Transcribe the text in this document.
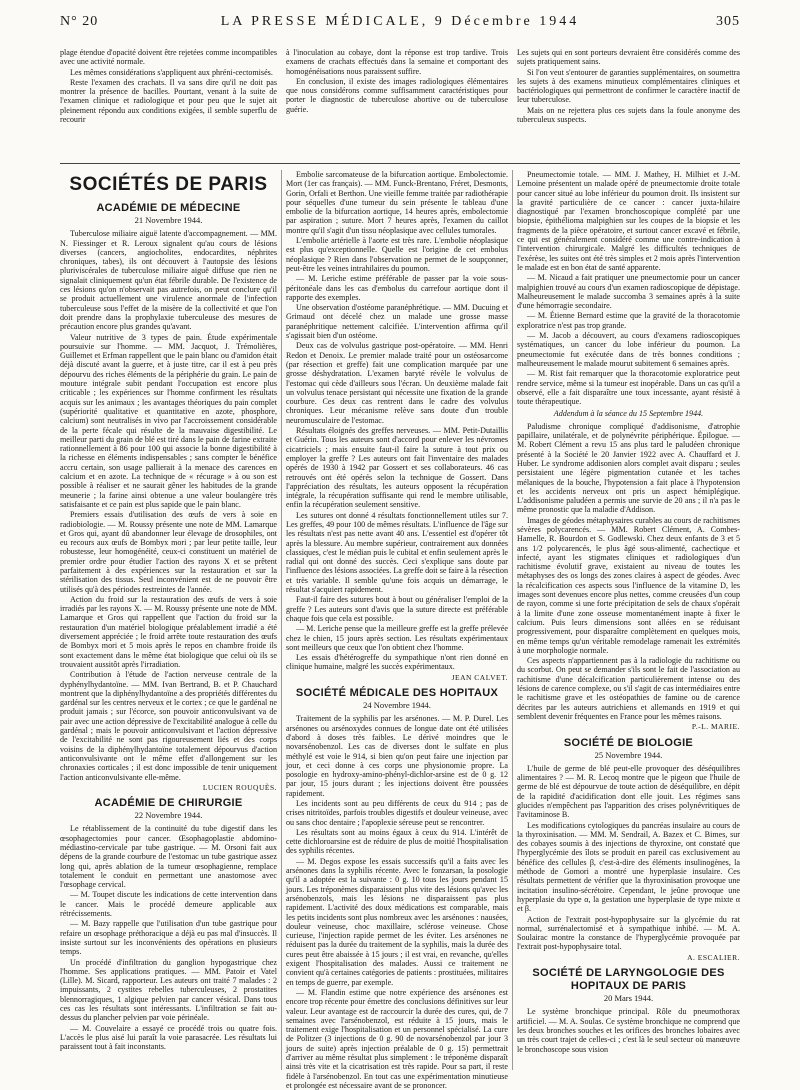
N° 20	LA PRESSE MÉDICALE, 9 Décembre 1944	305

plage étendue d'opacité doivent être rejetées comme incompatibles avec une activité normale.

Les mêmes considérations s'appliquent aux phréni-cectomisés.

Reste l'examen des crachats. Il va sans dire qu'il ne doit pas montrer la présence de bacilles. Pourtant, venant à la suite de l'examen clinique et radiologique et pour peu que le sujet ait pleinement répondu aux conditions exigées, il semble superflu de recourir

à l'inoculation au cobaye, dont la réponse est trop tardive. Trois examens de crachats effectués dans la semaine et comportant des homogénéisations nous paraissent suffire.

En conclusion, il existe des images radiologiques élémentaires que nous considérons comme suffisamment caractéristiques pour porter le diagnostic de tuberculose abortive ou de tuberculose guérie.

Les sujets qui en sont porteurs devraient être considérés comme des sujets pratiquement sains.

Si l'on veut s'entourer de garanties supplémentaires, on soumettra les sujets à des examens minutieux complémentaires cliniques et bactériologiques qui permettront de confirmer le caractère inactif de leur tuberculose.

Mais on ne rejettera plus ces sujets dans la foule anonyme des tuberculeux suspects.

SOCIÉTÉS DE PARIS
ACADÉMIE DE MÉDECINE
21 Novembre 1944.

Tuberculose miliaire aiguë latente d'accompagnement. — MM. N. Fiessinger et R. Leroux signalent qu'au cours de lésions diverses (cancers, angiocholites, endocardites, néphrites chroniques, tabes), ils ont découvert à l'autopsie des lésions pluriviscérales de tuberculose miliaire aiguë diffuse que rien ne signalait cliniquement qu'un état fébrile durable. De l'existence de ces lésions qu'on n'observait pas autrefois, on peut conclure qu'il se produit actuellement une virulence anormale de l'infection tuberculeuse sous l'effet de la misère de la collectivité et que l'on doit prendre dans la prophylaxie tuberculeuse des mesures de précaution encore plus grandes qu'avant.

Valeur nutritive de 3 types de pain. Étude expérimentale poursuivie sur l'homme. — MM. Jacquot, J. Trémolières, Guillemet et Erfman rappellent que le pain blanc ou d'amidon était déjà discuté avant la guerre, et à juste titre, car il est à peu près dépourvu des riches éléments de la périphérie du grain. Le pain de mouture intégrale subit pendant l'occupation est encore plus criticable ; les expériences sur l'homme confirment les résultats acquis sur les animaux ; les avantages théoriques du pain complet (supériorité qualitative et quantitative en azote, phosphore, calcium) sont neutralisés in vivo par l'accroissement considérable de la perte fécale qui résulte de la mauvaise digestibilité. Le meilleur parti du grain de blé est tiré dans le pain de farine extraite rationnellement à 86 pour 100 qui associe la bonne digestibilité à la richesse en éléments indispensables ; sans compter le bénéfice accru certain, son usage pallierait à la menace des carences en calcium et en azote. La technique de « récurage » à ou son est possible à réaliser et ne saurait gêner les habitudes de la grande meunerie ; la farine ainsi obtenue a une valeur boulangère très satisfaisante et ce pain est plus sapide que le pain blanc.

Premiers essais d'utilisation des œufs de vers à soie en radiobiologie. — M. Roussy présente une note de MM. Lamarque et Gros qui, ayant dû abandonner leur élevage de drosophiles, ont eu recours aux œufs de Bombyx mori ; par leur petite taille, leur robustesse, leur homogénéité, ceux-ci constituent un matériel de premier ordre pour étudier l'action des rayons X et se prêtent parfaitement à des expériences sur la restauration et sur la stérilisation des tissus. Seul inconvénient est de ne pouvoir être utilisés qu'à des périodes restreintes de l'année.

Action du froid sur la restauration des œufs de vers à soie irradiés par les rayons X. — M. Roussy présente une note de MM. Lamarque et Gros qui rappellent que l'action du froid sur la restauration d'un matériel biologique préalablement irradié a été diversement appréciée ; le froid arrête toute restauration des œufs de Bombyx mori et 5 mois après le repos en chambre froide ils sont exactement dans le même état biologique que celui où ils se trouvaient aussitôt après l'irradiation.

Contribution à l'étude de l'action nerveuse centrale de la dyphénylhydantoïne. — MM. Ivan Bertrand, B. et P. Chauchard montrent que la diphénylhydantoïne a des propriétés différentes du gardénal sur les centres nerveux et le cortex ; ce que le gardénal ne produit jamais ; sur l'écorce, son pouvoir anticonvulsivant va de pair avec une action dépressive de l'excitabilité analogue à celle du gardénal ; mais le pouvoir anticonvulsivant et l'action dépressive de l'excitabilité ne sont pas rigoureusement liés et des corps voisins de la diphénylhydantoïne totalement dépourvus d'action anticonvulsivante ont le même effet d'allongement sur les chronaxies corticales ; il est donc impossible de tenir uniquement l'action anticonvulsivante elle-même.

LUCIEN ROUQUÈS.
ACADÉMIE DE CHIRURGIE
22 Novembre 1944.

Le rétablissement de la continuité du tube digestif dans les œsophagectomies pour cancer. Œsophagoplastie abdomino-médiastino-cervicale par tube gastrique. — M. Orsoni fait aux dépens de la grande courbure de l'estomac un tube gastrique assez long qui, après ablation de la tumeur œsophagienne, remplace totalement le conduit en permettant une anastomose avec l'œsophage cervical.

— M. Toupet discute les indications de cette intervention dans le cancer. Mais le procédé demeure applicable aux rétrécissements.

— M. Bazy rappelle que l'utilisation d'un tube gastrique pour refaire un œsophage préthoracique a déjà eu pas mal d'insuccès. Il insiste surtout sur les inconvénients des opérations en plusieurs temps.

Un procédé d'infiltration du ganglion hypogastrique chez l'homme. Ses applications pratiques. — MM. Patoir et Vatel (Lille). M. Sicard, rapporteur. Les auteurs ont traité 7 malades : 2 impuissants, 2 cystites rebelles tuberculeuses, 2 prostatites blennorragiques, 1 algique pelvien par cancer vésical. Dans tous ces cas les résultats sont intéressants. L'infiltration se fait au-dessus du plancher pelvien par voie périnéale.

— M. Couvelaire a essayé ce procédé trois ou quatre fois. L'accès le plus aisé lui paraît la voie parasacrée. Les résultats lui paraissent tout à fait inconstants.

Embolie sarcomateuse de la bifurcation aortique. Embolectomie. Mort (1er cas français). — MM. Funck-Brentano, Fréret, Desmonts, Gorin, Orfali et Berthon. Une vieille femme traitée par radiothérapie pour séquelles d'une tumeur du sein présente le tableau d'une embolie de la bifurcation aortique, 14 heures après, embolectomie par aspiration ; suture. Mort 7 heures après, l'examen du caillot montre qu'il s'agit d'un tissu néoplasique avec cellules tumorales.

L'embolie artérielle à l'aorte est très rare. L'embolie néoplasique est plus qu'exceptionnelle. Quelle est l'origine de cet embolus néoplasique ? Rien dans l'observation ne permet de le soupçonner, peut-être les veines intrahilaires du poumon.

— M. Leriche estime préférable de passer par la voie sous-péritonéale dans les cas d'embolus du carrefour aortique dont il rapporte des exemples.

Une observation d'ostéome paranéphrétique. — MM. Ducuing et Grimaud ont décelé chez un malade une grosse masse paranéphritique nettement calcifiée. L'intervention affirma qu'il s'agissait bien d'un ostéome.

Deux cas de volvulus gastrique post-opératoire. — MM. Henri Redon et Denoix. Le premier malade traité pour un ostéosarcome (par résection et greffe) fait une complication marquée par une grosse déshydratation. L'examen baryté révèle le volvulus de l'estomac qui cède d'ailleurs sous l'écran. Un deuxième malade fait un volvulus tenace persistant qui nécessite une fixation de la grande courbure. Ces deux cas rentrent dans le cadre des volvulus chroniques. Leur mécanisme relève sans doute d'un trouble neuromusculaire de l'estomac.

Résultats éloignés des greffes nerveuses. — MM. Petit-Dutaillis et Guérin. Tous les auteurs sont d'accord pour enlever les névromes cicatriciels ; mais ensuite faut-il faire la suture à tout prix ou employer la greffe ? Les auteurs ont fait l'inventaire des malades opérés de 1930 à 1942 par Gossert et ses collaborateurs. 46 cas retrouvés ont été opérés selon la technique de Gossert. Dans l'appréciation des résultats, les auteurs opposent la récupération intégrale, la récupération suffisante qui rend le membre utilisable, enfin la récupération seulement sensitive.

Les sutures ont donné 4 résultats fonctionnellement utiles sur 7. Les greffes, 49 pour 100 de mêmes résultats. L'influence de l'âge sur les résultats n'est pas nette avant 40 ans. L'essentiel est d'opérer tôt après la blessure. Au membre supérieur, contrairement aux données classiques, c'est le médian puis le cubital et enfin seulement après le radial qui ont donné des succès. Ceci s'explique sans doute par l'influence des lésions associées. La greffe doit se faire à la résection et très variable. Il semble qu'une fois acquis un démarrage, le résultat s'acquiert rapidement.

Faut-il faire des sutures bout à bout ou généraliser l'emploi de la greffe ? Les auteurs sont d'avis que la suture directe est préférable chaque fois que cela est possible.

— M. Leriche pense que la meilleure greffe est la greffe prélevée chez le chien, 15 jours après section. Les résultats expérimentaux sont meilleurs que ceux que l'on obtient chez l'homme.

Les essais d'hétérogreffe du sympathique n'ont rien donné en clinique humaine, malgré les succès expérimentaux.

JEAN CALVET.
SOCIÉTÉ MÉDICALE DES HOPITAUX
24 Novembre 1944.

Traitement de la syphilis par les arsénones. — M. P. Durel. Les arsénones ou arsénoxydes connues de longue date ont été utilisées d'abord à doses très faibles. Le dérivé moindres que le novarsénobenzol. Les cas de diverses dont le sulfate en plus méthylé est voie le 914, si bien qu'on peut faire une injection par jour, et ceci donne à ces corps une physionomie propre. La posologie en hydroxy-amino-phényl-dichlor-arsine est de 0 g. 12 par jour, 15 jours durant ; les injections doivent être poussées rapidement.

Les incidents sont au peu différents de ceux du 914 ; pas de crises nitritoïdes, parfois troubles digestifs et douleur veineuse, avec ou sans choc dentaire ; l'apoplexie séreuse peut se rencontrer.

Les résultats sont au moins égaux à ceux du 914. L'intérêt de cette dichloroarsine est de réduire de plus de moitié l'hospitalisation des syphilis récentes.

— M. Degos expose les essais successifs qu'il a faits avec les arsénones dans la syphilis récente. Avec le fonzarsan, la posologie qu'il a adoptée est la suivante : 0 g. 10 tous les jours pendant 15 jours. Les tréponèmes disparaissent plus vite des lésions qu'avec les arsénobenzols, mais les lésions ne disparaissent pas plus rapidement. L'activité des doux médications est comparable, mais les petits incidents sont plus nombreux avec les arsénones : nausées, douleur veineuse, choc maxillaire, sclérose veineuse. Chose curieuse, l'injection rapide permet de les éviter. Les arsénones ne réduisent pas la durée du traitement de la syphilis, mais la durée des cures peut être abaissée à 15 jours ; il est vrai, en revanche, qu'elles exigent l'hospitalisation des malades. Aussi ce traitement ne convient qu'à certaines catégories de patients : prostituées, militaires en temps de guerre, par exemple.

— M. Flandin estime que notre expérience des arsénones est encore trop récente pour émettre des conclusions définitives sur leur valeur. Leur avantage est de raccourcir la durée des cures, qui, de 7 semaines avec l'arsénobenzol, est réduite à 15 jours, mais le traitement exige l'hospitalisation et un personnel spécialisé. La cure de Politzer (3 injections de 0 g. 90 de novarsénobenzol par jour 3 jours de suite) après injection préalable de 0 g. 15) permettrait d'arriver au même résultat plus simplement : le tréponème disparaît ainsi très vite et la cicatrisation est très rapide. Pour sa part, il reste fidèle à l'arsénobenzol. En tout cas une expérimentation minutieuse et prolongée est nécessaire avant de se prononcer.

Pneumectomie totale. — MM. J. Mathey, H. Milhiet et J.-M. Lemoine présentent un malade opéré de pneumectomie droite totale pour cancer situé au lobe inférieur du poumon droit. Ils insistent sur la gravité particulière de ce cancer : cancer juxta-hilaire diagnostiqué par l'examen bronchoscopique complété par une biopsie, épithélioma malpighien sur les coupes de la biopsie et les fragments de la pièce opératoire, et surtout cancer excavé et fébrile, ce qui est généralement considéré comme une contre-indication à l'intervention chirurgicale. Malgré les difficultés techniques de l'exérèse, les suites ont été très simples et 2 mois après l'intervention le malade est en bon état de santé apparente.

— M. Nicaud a fait pratiquer une pneumectomie pour un cancer malpighien trouvé au cours d'un examen radioscopique de dépistage. Malheureusement le malade succomba 3 semaines après à la suite d'une hémorragie secondaire.

— M. Étienne Bernard estime que la gravité de la thoracotomie exploratrice n'est pas trop grande.

— M. Jacob a découvert, au cours d'examens radioscopiques systématiques, un cancer du lobe inférieur du poumon. La pneumectomie fut exécutée dans de très bonnes conditions ; malheureusement le malade mourut subitement 6 semaines après.

— M. Rist fait remarquer que la thoracotomie exploratrice peut rendre service, même si la tumeur est inopérable. Dans un cas qu'il a observé, elle a fait disparaître une toux incessante, ayant résisté à toute thérapeutique.

Addendum à la séance du 15 Septembre 1944.

Paludisme chronique compliqué d'addisonisme, d'atrophie papillaire, unilatérale, et de polynévrite périphérique. Épilogue. — M. Robert Clément a revu 15 ans plus tard le paludéen chronique présenté à la Société le 20 Janvier 1922 avec A. Chauffard et J. Huber. Le syndrome addisonien alors complet avait disparu ; seules persistaient une légère pigmentation cutanée et les taches mélaniques de la bouche, l'hypotension a fait place à l'hypotension et les accidents nerveux ont pris un aspect hémiplégique. L'addisonisme paludéen a permis une survie de 20 ans ; il n'a pas le même pronostic que la maladie d'Addison.

Images de géodes métaphysaires curables au cours de rachitismes sévères polycarencés. — MM. Robert Clément, A. Combes-Hamelle, R. Bourdon et S. Godlewski. Chez deux enfants de 3 et 5 ans 1/2 polycarencés, le plus âgé sous-alimenté, cachectique et infecté, ayant les stigmates cliniques et radiologiques d'un rachitisme évolutif grave, existaient au niveau de toutes les métaphyses des os longs des zones claires à aspect de géodes. Avec la récalcification ces aspects sous l'influence de la vitamine D, les images sont devenues encore plus nettes, comme creusées d'un coup de rayon, comme si une forte précipitation de sels de chaux s'opérait à la limite d'une zone osseuse momentanément inapte à fixer le calcium. Puis leurs dimensions sont allées en se réduisant progressivement, pour disparaître complètement en quelques mois, en même temps qu'un véritable remodelage ramenait les extrémités à une morphologie normale.

Ces aspects n'appartiennent pas à la radiologie du rachitisme ou du scorbut. On peut se demander s'ils sont le fait de l'association au rachitisme d'une décalcification particulièrement intense ou des lésions de carence complexe, ou s'il s'agit de cas intermédiaires entre le rachitisme grave et les ostéopathies de famine ou de carence décrites par les auteurs autrichiens et allemands en 1919 et qui semblent devenir fréquentes en France pour les mêmes raisons.

P.-L. MARIE.
SOCIÉTÉ DE BIOLOGIE
25 Novembre 1944.

L'huile de germe de blé peut-elle provoquer des déséquilibres alimentaires ? — M. R. Lecoq montre que le pigeon que l'huile de germe de blé est dépourvue de toute action de déséquilibre, en dépit de la rapidité d'acidification dont elle jouit. Les régimes sans glucides n'empêchent pas l'apparition des crises polynévritiques de l'avitaminose B.

Les modifications cytologiques du pancréas insulaire au cours de la thyroxinisation. — MM. M. Sendrail, A. Bazex et C. Bimes, sur des cobayes soumis à des injections de thyroxine, ont constaté que l'hyperglycémie des îlots se produit en pareil cas exclusivement au bénéfice des cellules β, c'est-à-dire des éléments insulinogènes, la méthode de Gomori a montré une hyperplasie insulaire. Ces résultats permettent de vérifier que la thyroxinisation provoque une incitation insulino-sécrétoire. Cependant, le jeûne provoque une hyperplasie du type α, la gestation une hyperplasie de type mixte α et β.

Action de l'extrait post-hypophysaire sur la glycémie du rat normal, surrénalectomisé et à sympathique inhibé. — M. A. Soulairac montre la constance de l'hyperglycémie provoquée par l'extrait post-hypophysaire total.

A. ESCALIER.
SOCIÉTÉ DE LARYNGOLOGIE DES HOPITAUX DE PARIS
20 Mars 1944.

Le système bronchique principal. Rôle du pneumothorax artificiel. — M. A. Soulas. Ce système bronchique ne comprend que les deux bronches souches et les orifices des bronches lobaires avec un très court trajet de celles-ci ; c'est là le seul secteur où manœuvre le bronchoscope sous vision
